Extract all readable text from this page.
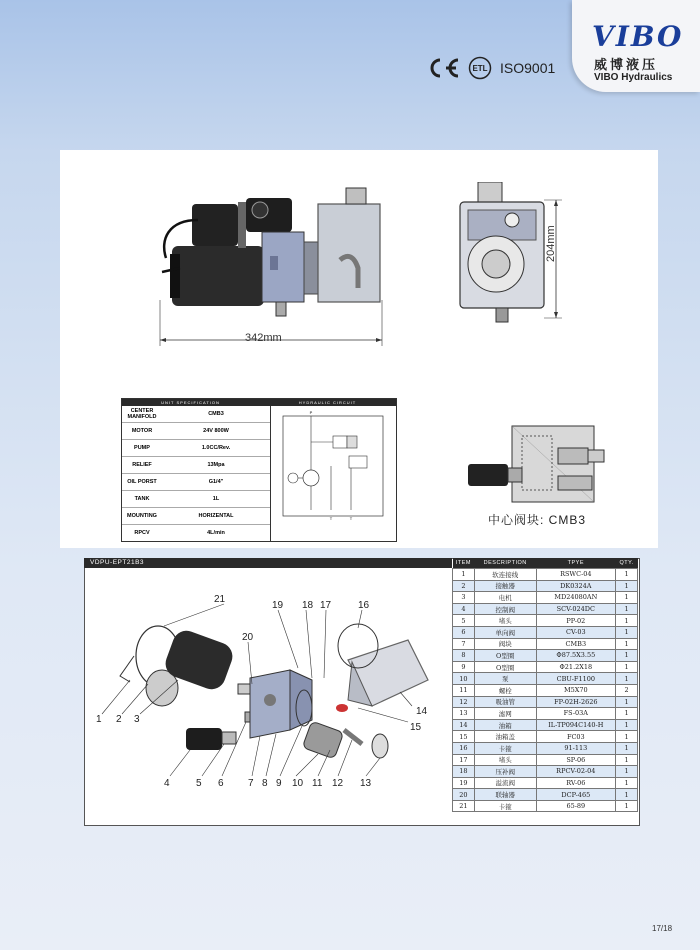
VIBO
威博液压
VIBO Hydraulics
ETL ISO9001
342mm
204mm
UNIT SPECIFICATION	HYDRAULIC CIRCUIT
CENTER MANIFOLD	CMB3
MOTOR	24V 800W
PUMP	1.0CC/Rev.
RELIEF	13Mpa
OIL PORST	G1/4"
TANK	1L
MOUNTING	HORIZENTAL
RPCV	4L/min
P
T	T	中心阀块: CMB3
VDPU-EPT21B3
1 2 3
4	5 6 7 8 9 10 11 12 13
14
15
16
17
18
19
20
21
ITEM	DESCRIPTION	TPYE	QTY.
1	软连接线	RSWC-04	1
2	接触器	DK0324A	1
3	电机	MD24080AN	1
4	控制阀	SCV-024DC	1
5	堵头	PP-02	1
6	单向阀	CV-03	1
7	阀块	CMB3	1
8	O型圈	Φ87.5X3.55	1
9	O型圈	Φ21.2X18	1
10	泵	CBU-F1100	1
11	螺栓	M5X70	2
12	吸油管	FP-02H-2626	1
13	滤网	FS-03A	1
14	油箱	IL-TP094C140-H	1
15	油箱盖	FC03	1
16	卡箍	91-113	1
17	堵头	SP-06	1
18	压补阀	RPCV-02-04	1
19	溢流阀	RV-06	1
20	联轴器	DCP-465	1
21	卡箍	65-89	1
17/18
